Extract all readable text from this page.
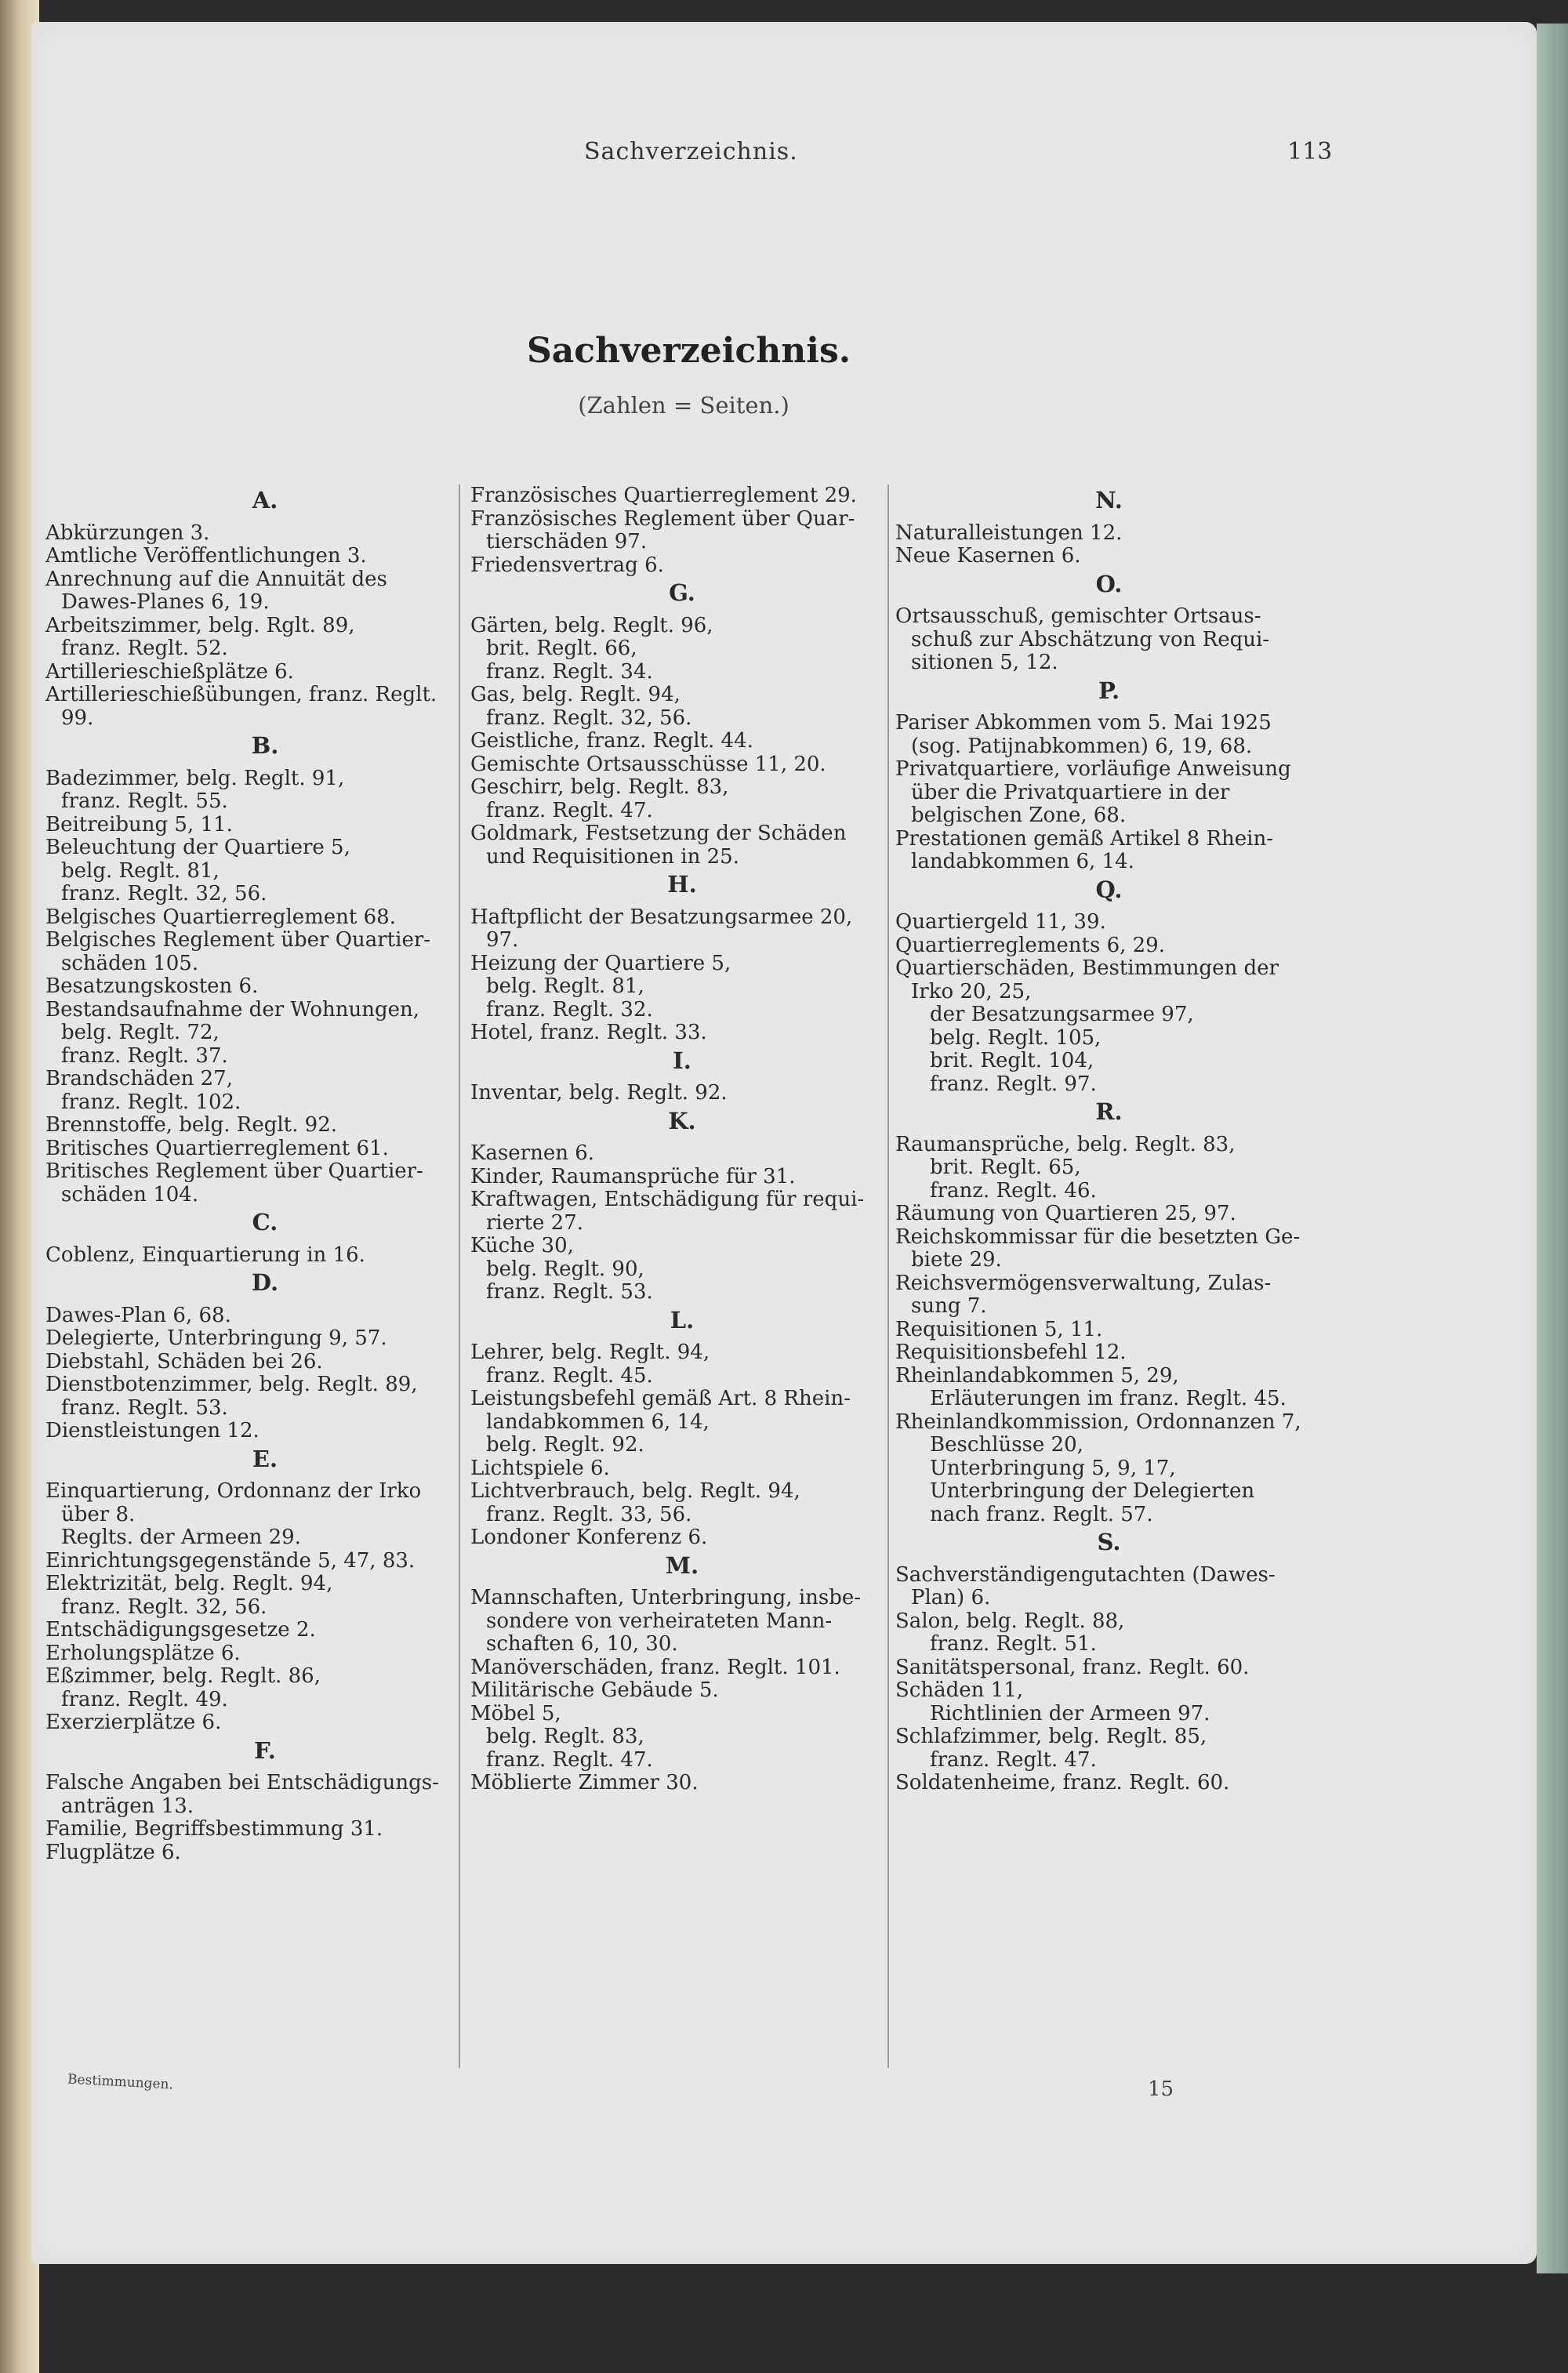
Sachverzeichnis.	113
Sachverzeichnis.
(Zahlen = Seiten.)
A.
Abkürzungen 3.
Amtliche Veröffentlichungen 3.
Anrechnung auf die Annuität des
Dawes-Planes 6, 19.
Arbeitszimmer, belg. Rglt. 89,
franz. Reglt. 52.
Artillerieschießplätze 6.
Artillerieschießübungen, franz. Reglt.
99.
B.
Badezimmer, belg. Reglt. 91,
franz. Reglt. 55.
Beitreibung 5, 11.
Beleuchtung der Quartiere 5,
belg. Reglt. 81,
franz. Reglt. 32, 56.
Belgisches Quartierreglement 68.
Belgisches Reglement über Quartier-
schäden 105.
Besatzungskosten 6.
Bestandsaufnahme der Wohnungen,
belg. Reglt. 72,
franz. Reglt. 37.
Brandschäden 27,
franz. Reglt. 102.
Brennstoffe, belg. Reglt. 92.
Britisches Quartierreglement 61.
Britisches Reglement über Quartier-
schäden 104.
C.
Coblenz, Einquartierung in 16.
D.
Dawes-Plan 6, 68.
Delegierte, Unterbringung 9, 57.
Diebstahl, Schäden bei 26.
Dienstbotenzimmer, belg. Reglt. 89,
franz. Reglt. 53.
Dienstleistungen 12.
E.
Einquartierung, Ordonnanz der Irko
über 8.
Reglts. der Armeen 29.
Einrichtungsgegenstände 5, 47, 83.
Elektrizität, belg. Reglt. 94,
franz. Reglt. 32, 56.
Entschädigungsgesetze 2.
Erholungsplätze 6.
Eßzimmer, belg. Reglt. 86,
franz. Reglt. 49.
Exerzierplätze 6.
F.
Falsche Angaben bei Entschädigungs-
anträgen 13.
Familie, Begriffsbestimmung 31.
Flugplätze 6.
Französisches Quartierreglement 29.
Französisches Reglement über Quar-
tierschäden 97.
Friedensvertrag 6.
G.
Gärten, belg. Reglt. 96,
brit. Reglt. 66,
franz. Reglt. 34.
Gas, belg. Reglt. 94,
franz. Reglt. 32, 56.
Geistliche, franz. Reglt. 44.
Gemischte Ortsausschüsse 11, 20.
Geschirr, belg. Reglt. 83,
franz. Reglt. 47.
Goldmark, Festsetzung der Schäden
und Requisitionen in 25.
H.
Haftpflicht der Besatzungsarmee 20,
97.
Heizung der Quartiere 5,
belg. Reglt. 81,
franz. Reglt. 32.
Hotel, franz. Reglt. 33.
I.
Inventar, belg. Reglt. 92.
K.
Kasernen 6.
Kinder, Raumansprüche für 31.
Kraftwagen, Entschädigung für requi-
rierte 27.
Küche 30,
belg. Reglt. 90,
franz. Reglt. 53.
L.
Lehrer, belg. Reglt. 94,
franz. Reglt. 45.
Leistungsbefehl gemäß Art. 8 Rhein-
landabkommen 6, 14,
belg. Reglt. 92.
Lichtspiele 6.
Lichtverbrauch, belg. Reglt. 94,
franz. Reglt. 33, 56.
Londoner Konferenz 6.
M.
Mannschaften, Unterbringung, insbe-
sondere von verheirateten Mann-
schaften 6, 10, 30.
Manöverschäden, franz. Reglt. 101.
Militärische Gebäude 5.
Möbel 5,
belg. Reglt. 83,
franz. Reglt. 47.
Möblierte Zimmer 30.
N.
Naturalleistungen 12.
Neue Kasernen 6.
O.
Ortsausschuß, gemischter Ortsaus-
schuß zur Abschätzung von Requi-
sitionen 5, 12.
P.
Pariser Abkommen vom 5. Mai 1925
(sog. Patijnabkommen) 6, 19, 68.
Privatquartiere, vorläufige Anweisung
über die Privatquartiere in der
belgischen Zone, 68.
Prestationen gemäß Artikel 8 Rhein-
landabkommen 6, 14.
Q.
Quartiergeld 11, 39.
Quartierreglements 6, 29.
Quartierschäden, Bestimmungen der
Irko 20, 25,
der Besatzungsarmee 97,
belg. Reglt. 105,
brit. Reglt. 104,
franz. Reglt. 97.
R.
Raumansprüche, belg. Reglt. 83,
brit. Reglt. 65,
franz. Reglt. 46.
Räumung von Quartieren 25, 97.
Reichskommissar für die besetzten Ge-
biete 29.
Reichsvermögensverwaltung, Zulas-
sung 7.
Requisitionen 5, 11.
Requisitionsbefehl 12.
Rheinlandabkommen 5, 29,
Erläuterungen im franz. Reglt. 45.
Rheinlandkommission, Ordonnanzen 7,
Beschlüsse 20,
Unterbringung 5, 9, 17,
Unterbringung der Delegierten
nach franz. Reglt. 57.
S.
Sachverständigengutachten (Dawes-
Plan) 6.
Salon, belg. Reglt. 88,
franz. Reglt. 51.
Sanitätspersonal, franz. Reglt. 60.
Schäden 11,
Richtlinien der Armeen 97.
Schlafzimmer, belg. Reglt. 85,
franz. Reglt. 47.
Soldatenheime, franz. Reglt. 60.
Bestimmungen.	15
